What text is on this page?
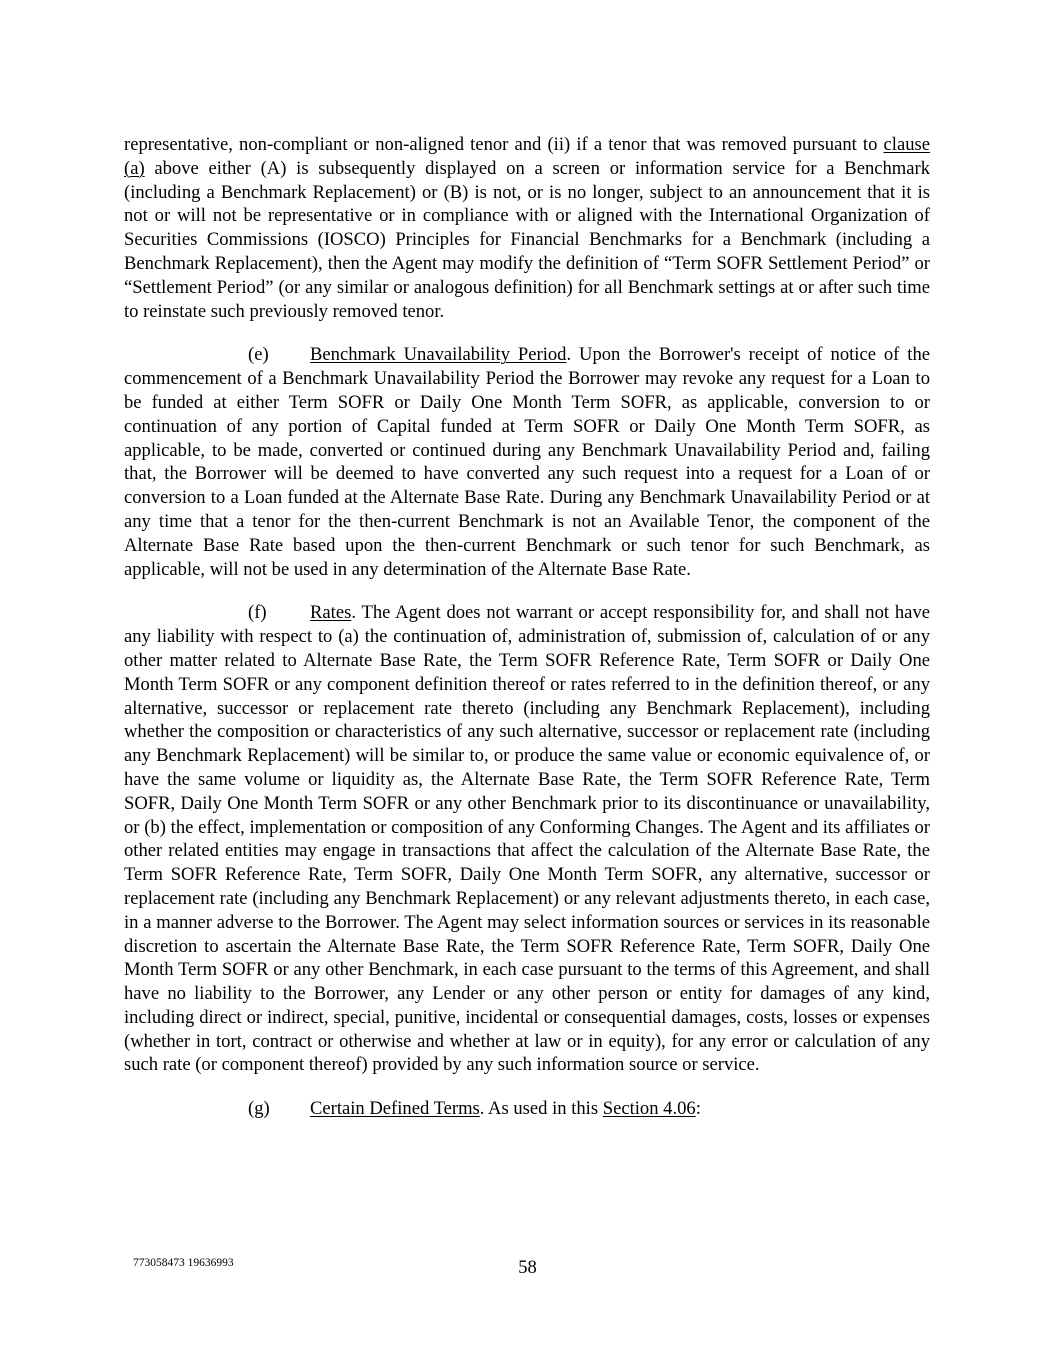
representative, non-compliant or non-aligned tenor and (ii) if a tenor that was removed pursuant to clause (a) above either (A) is subsequently displayed on a screen or information service for a Benchmark (including a Benchmark Replacement) or (B) is not, or is no longer, subject to an announcement that it is not or will not be representative or in compliance with or aligned with the International Organization of Securities Commissions (IOSCO) Principles for Financial Benchmarks for a Benchmark (including a Benchmark Replacement), then the Agent may modify the definition of “Term SOFR Settlement Period” or “Settlement Period” (or any similar or analogous definition) for all Benchmark settings at or after such time to reinstate such previously removed tenor.

(e) Benchmark Unavailability Period. Upon the Borrower's receipt of notice of the commencement of a Benchmark Unavailability Period the Borrower may revoke any request for a Loan to be funded at either Term SOFR or Daily One Month Term SOFR, as applicable, conversion to or continuation of any portion of Capital funded at Term SOFR or Daily One Month Term SOFR, as applicable, to be made, converted or continued during any Benchmark Unavailability Period and, failing that, the Borrower will be deemed to have converted any such request into a request for a Loan of or conversion to a Loan funded at the Alternate Base Rate. During any Benchmark Unavailability Period or at any time that a tenor for the then-current Benchmark is not an Available Tenor, the component of the Alternate Base Rate based upon the then-current Benchmark or such tenor for such Benchmark, as applicable, will not be used in any determination of the Alternate Base Rate.

(f) Rates. The Agent does not warrant or accept responsibility for, and shall not have any liability with respect to (a) the continuation of, administration of, submission of, calculation of or any other matter related to Alternate Base Rate, the Term SOFR Reference Rate, Term SOFR or Daily One Month Term SOFR or any component definition thereof or rates referred to in the definition thereof, or any alternative, successor or replacement rate thereto (including any Benchmark Replacement), including whether the composition or characteristics of any such alternative, successor or replacement rate (including any Benchmark Replacement) will be similar to, or produce the same value or economic equivalence of, or have the same volume or liquidity as, the Alternate Base Rate, the Term SOFR Reference Rate, Term SOFR, Daily One Month Term SOFR or any other Benchmark prior to its discontinuance or unavailability, or (b) the effect, implementation or composition of any Conforming Changes. The Agent and its affiliates or other related entities may engage in transactions that affect the calculation of the Alternate Base Rate, the Term SOFR Reference Rate, Term SOFR, Daily One Month Term SOFR, any alternative, successor or replacement rate (including any Benchmark Replacement) or any relevant adjustments thereto, in each case, in a manner adverse to the Borrower. The Agent may select information sources or services in its reasonable discretion to ascertain the Alternate Base Rate, the Term SOFR Reference Rate, Term SOFR, Daily One Month Term SOFR or any other Benchmark, in each case pursuant to the terms of this Agreement, and shall have no liability to the Borrower, any Lender or any other person or entity for damages of any kind, including direct or indirect, special, punitive, incidental or consequential damages, costs, losses or expenses (whether in tort, contract or otherwise and whether at law or in equity), for any error or calculation of any such rate (or component thereof) provided by any such information source or service.

(g) Certain Defined Terms. As used in this Section 4.06:

773058473 19636993	58
